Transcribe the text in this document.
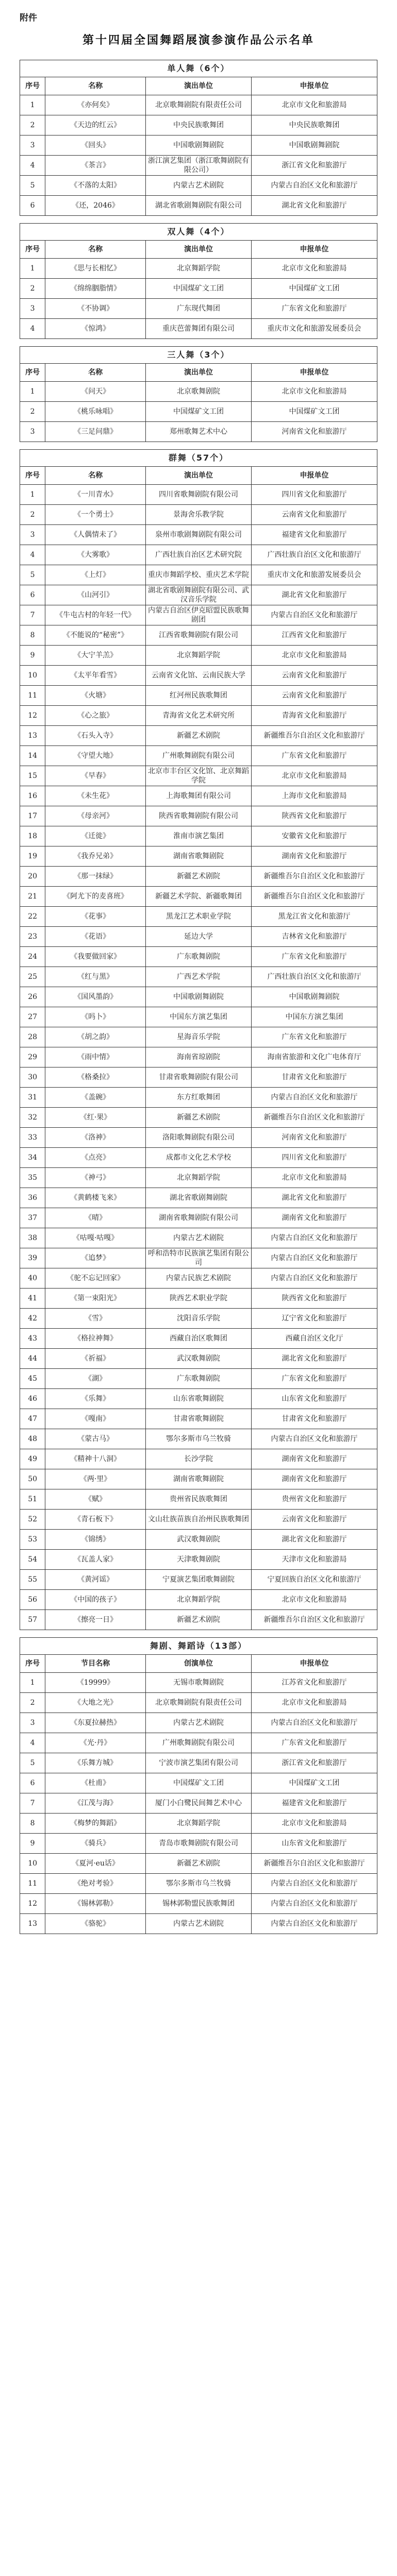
附件
第十四届全国舞蹈展演参演作品公示名单
单人舞（6个）			
序号	名称	演出单位	申报单位
1	《亦何矣》	北京歌舞剧院有限责任公司	北京市文化和旅游局
2	《天边的红云》	中央民族歌舞团	中央民族歌舞团
3	《回头》	中国歌剧舞剧院	中国歌剧舞剧院
4	《茶言》	浙江演艺集团（浙江歌舞剧院有限公司）	浙江省文化和旅游厅
5	《不落的太阳》	内蒙古艺术剧院	内蒙古自治区文化和旅游厅
6	《还，2046》	湖北省歌剧舞剧院有限公司	湖北省文化和旅游厅
双人舞（4个）			
序号	名称	演出单位	申报单位
1	《思与长相忆》	北京舞蹈学院	北京市文化和旅游局
2	《绵绵胭脂情》	中国煤矿文工团	中国煤矿文工团
3	《不协调》	广东现代舞团	广东省文化和旅游厅
4	《惊鸿》	重庆芭蕾舞团有限公司	重庆市文化和旅游发展委员会
三人舞（3个）			
序号	名称	演出单位	申报单位
1	《问天》	北京歌舞剧院	北京市文化和旅游局
2	《桃乐咏唱》	中国煤矿文工团	中国煤矿文工团
3	《三足问鼎》	郑州歌舞艺术中心	河南省文化和旅游厅
群舞（57个）			
序号	名称	演出单位	申报单位
1	《一川青水》	四川省歌舞剧院有限公司	四川省文化和旅游厅
2	《一个勇士》	景海舍乐教学院	云南省文化和旅游厅
3	《人偶情未了》	泉州市歌剧舞剧院有限公司	福建省文化和旅游厅
4	《大雾歌》	广西壮族自治区艺术研究院	广西壮族自治区文化和旅游厅
5	《上灯》	重庆市舞蹈学校、重庆艺术学院	重庆市文化和旅游发展委员会
6	《山河引》	湖北省歌剧舞剧院有限公司、武汉音乐学院	湖北省文化和旅游厅
7	《牛屯古村的年轻一代》	内蒙古自治区伊克昭盟民族歌舞剧团	内蒙古自治区文化和旅游厅
8	《不能说的“秘密”》	江西省歌舞剧院有限公司	江西省文化和旅游厅
9	《大宁羊羔》	北京舞蹈学院	北京市文化和旅游局
10	《太平年看雪》	云南省文化馆、云南民族大学	云南省文化和旅游厅
11	《火塘》	红河州民族歌舞团	云南省文化和旅游厅
12	《心之旅》	青海省文化艺术研究所	青海省文化和旅游厅
13	《石头入寺》	新疆艺术剧院	新疆维吾尔自治区文化和旅游厅
14	《守望大地》	广州歌舞剧院有限公司	广东省文化和旅游厅
15	《早春》	北京市丰台区文化馆、北京舞蹈学院	北京市文化和旅游局
16	《未生花》	上海歌舞团有限公司	上海市文化和旅游局
17	《母亲河》	陕西省歌舞剧院有限公司	陕西省文化和旅游厅
18	《迁徙》	淮南市演艺集团	安徽省文化和旅游厅
19	《我乔兄弟》	湖南省歌舞剧院	湖南省文化和旅游厅
20	《那一抹绿》	新疆艺术剧院	新疆维吾尔自治区文化和旅游厅
21	《阿尤下的麦喜班》	新疆艺术学院、新疆歌舞团	新疆维吾尔自治区文化和旅游厅
22	《花事》	黑龙江艺术职业学院	黑龙江省文化和旅游厅
23	《花语》	延边大学	吉林省文化和旅游厅
24	《我要做回家》	广东歌舞剧院	广东省文化和旅游厅
25	《红与黑》	广西艺术学院	广西壮族自治区文化和旅游厅
26	《国风墨韵》	中国歌剧舞剧院	中国歌剧舞剧院
27	《吗卜》	中国东方演艺集团	中国东方演艺集团
28	《胡之韵》	星海音乐学院	广东省文化和旅游厅
29	《雨中情》	海南省琼剧院	海南省旅游和文化广电体育厅
30	《格桑拉》	甘肃省歌舞剧院有限公司	甘肃省文化和旅游厅
31	《盖碗》	东方红歌舞团	内蒙古自治区文化和旅游厅
32	《红·果》	新疆艺术剧院	新疆维吾尔自治区文化和旅游厅
33	《洛神》	洛阳歌舞剧院有限公司	河南省文化和旅游厅
34	《点亮》	成都市文化艺术学校	四川省文化和旅游厅
35	《神弓》	北京舞蹈学院	北京市文化和旅游局
36	《黄鹤楼飞来》	湖北省歌剧舞剧院	湖北省文化和旅游厅
37	《晴》	湖南省歌舞剧院有限公司	湖南省文化和旅游厅
38	《咕嘎·咕嘎》	内蒙古艺术剧院	内蒙古自治区文化和旅游厅
39	《追梦》	呼和浩特市民族演艺集团有限公司	内蒙古自治区文化和旅游厅
40	《驼不忘记回家》	内蒙古民族艺术剧院	内蒙古自治区文化和旅游厅
41	《第一束阳光》	陕西艺术职业学院	陕西省文化和旅游厅
42	《雪》	沈阳音乐学院	辽宁省文化和旅游厅
43	《格拉神舞》	西藏自治区歌舞团	西藏自治区文化厅
44	《祈福》	武汉歌舞剧院	湖北省文化和旅游厅
45	《湖》	广东歌舞剧院	广东省文化和旅游厅
46	《乐舞》	山东省歌舞剧院	山东省文化和旅游厅
47	《嘎南》	甘肃省歌舞剧院	甘肃省文化和旅游厅
48	《蒙古马》	鄂尔多斯市乌兰牧骑	内蒙古自治区文化和旅游厅
49	《精神十八洞》	长沙学院	湖南省文化和旅游厅
50	《两·里》	湖南省歌舞剧院	湖南省文化和旅游厅
51	《赋》	贵州省民族歌舞团	贵州省文化和旅游厅
52	《青石板下》	文山壮族苗族自治州民族歌舞团	云南省文化和旅游厅
53	《锦绣》	武汉歌舞剧院	湖北省文化和旅游厅
54	《瓦盖人家》	天津歌舞剧院	天津市文化和旅游局
55	《黄河谣》	宁夏演艺集团歌舞剧院	宁夏回族自治区文化和旅游厅
56	《中国的孩子》	北京舞蹈学院	北京市文化和旅游局
57	《擦亮一日》	新疆艺术剧院	新疆维吾尔自治区文化和旅游厅
舞剧、舞蹈诗（13部）			
序号	节目名称	创演单位	申报单位
1	《19999》	无锡市歌舞剧院	江苏省文化和旅游厅
2	《大地之光》	北京歌舞剧院有限责任公司	北京市文化和旅游局
3	《东夏拉赫热》	内蒙古艺术剧院	内蒙古自治区文化和旅游厅
4	《光·丹》	广州歌舞剧院有限公司	广东省文化和旅游厅
5	《乐舞方城》	宁波市演艺集团有限公司	浙江省文化和旅游厅
6	《杜甫》	中国煤矿文工团	中国煤矿文工团
7	《江茂与海》	厦门小白鹭民间舞艺术中心	福建省文化和旅游厅
8	《梅梦的舞蹈》	北京舞蹈学院	北京市文化和旅游局
9	《骑兵》	青岛市歌舞剧院有限公司	山东省文化和旅游厅
10	《夏河·eu话》	新疆艺术剧院	新疆维吾尔自治区文化和旅游厅
11	《绝对考验》	鄂尔多斯市乌兰牧骑	内蒙古自治区文化和旅游厅
12	《锡林郭勒》	锡林郭勒盟民族歌舞团	内蒙古自治区文化和旅游厅
13	《骆驼》	内蒙古艺术剧院	内蒙古自治区文化和旅游厅
